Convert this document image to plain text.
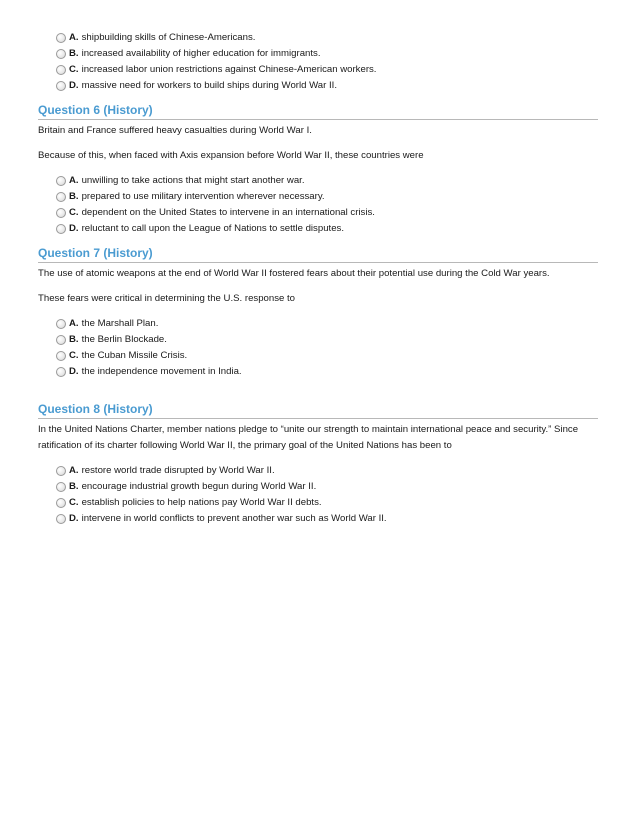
A. shipbuilding skills of Chinese-Americans.
B. increased availability of higher education for immigrants.
C. increased labor union restrictions against Chinese-American workers.
D. massive need for workers to build ships during World War II.
Question 6 (History)

Britain and France suffered heavy casualties during World War I.

Because of this, when faced with Axis expansion before World War II, these countries were

A. unwilling to take actions that might start another war.
B. prepared to use military intervention wherever necessary.
C. dependent on the United States to intervene in an international crisis.
D. reluctant to call upon the League of Nations to settle disputes.
Question 7 (History)

The use of atomic weapons at the end of World War II fostered fears about their potential use during the Cold War years.

These fears were critical in determining the U.S. response to

A. the Marshall Plan.
B. the Berlin Blockade.
C. the Cuban Missile Crisis.
D. the independence movement in India.
Question 8 (History)

In the United Nations Charter, member nations pledge to “unite our strength to maintain international peace and security.” Since ratification of its charter following World War II, the primary goal of the United Nations has been to

A. restore world trade disrupted by World War II.
B. encourage industrial growth begun during World War II.
C. establish policies to help nations pay World War II debts.
D. intervene in world conflicts to prevent another war such as World War II.
